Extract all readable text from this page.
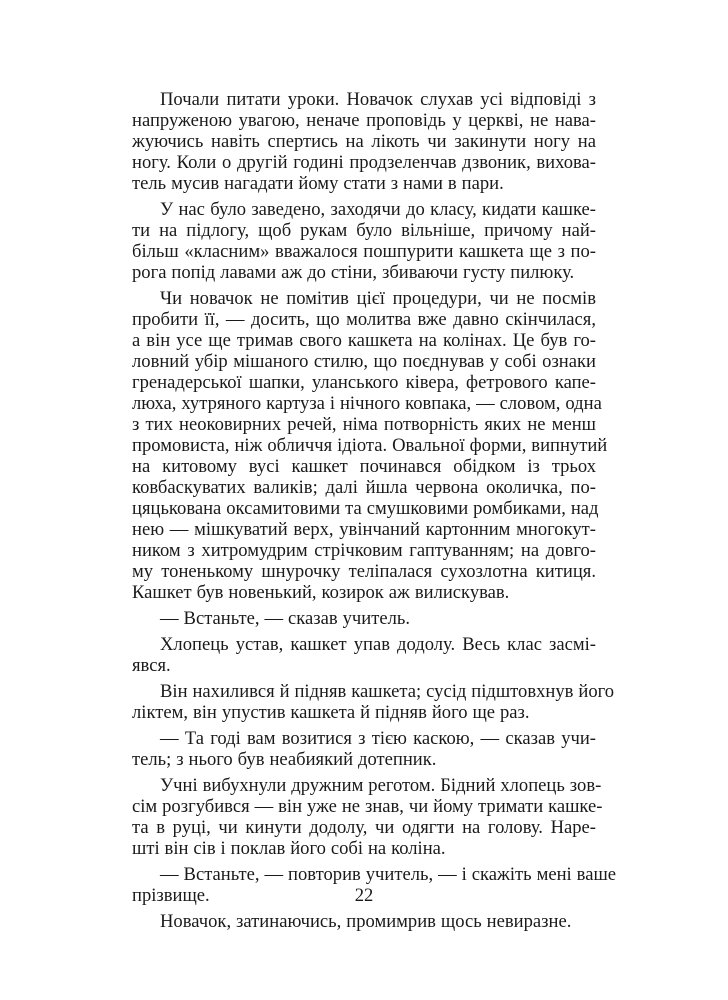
Почали питати уроки. Новачок слухав усі відповіді з
напруженою увагою, неначе проповідь у церкві, не нава-
жуючись навіть спертись на лікоть чи закинути ногу на
ногу. Коли о другій годині продзеленчав дзвоник, вихова-
тель мусив нагадати йому стати з нами в пари.

У нас було заведено, заходячи до класу, кидати кашке-
ти на підлогу, щоб рукам було вільніше, причому най-
більш «класним» вважалося пошпурити кашкета ще з по-
рога попід лавами аж до стіни, збиваючи густу пилюку.

Чи новачок не помітив цієї процедури, чи не посмів
пробити її, — досить, що молитва вже давно скінчилася,
а він усе ще тримав свого кашкета на колінах. Це був го-
ловний убір мішаного стилю, що поєднував у собі ознаки
гренадерської шапки, уланського ківера, фетрового капе-
люха, хутряного картуза і нічного ковпака, — словом, одна
з тих неоковирних речей, німа потворність яких не менш
промовиста, ніж обличчя ідіота. Овальної форми, випнутий
на китовому вусі кашкет починався обідком із трьох
ковбаскуватих валиків; далі йшла червона околичка, по-
цяцькована оксамитовими та смушковими ромбиками, над
нею — мішкуватий верх, увінчаний картонним многокут-
ником з хитромудрим стрічковим гаптуванням; на довго-
му тоненькому шнурочку теліпалася сухозлотна китиця.
Кашкет був новенький, козирок аж вилискував.

— Встаньте, — сказав учитель.

Хлопець устав, кашкет упав додолу. Весь клас засмі-
явся.

Він нахилився й підняв кашкета; сусід підштовхнув його
ліктем, він упустив кашкета й підняв його ще раз.

— Та годі вам возитися з тією каскою, — сказав учи-
тель; з нього був неабиякий дотепник.

Учні вибухнули дружним реготом. Бідний хлопець зов-
сім розгубився — він уже не знав, чи йому тримати кашке-
та в руці, чи кинути додолу, чи одягти на голову. Наре-
шті він сів і поклав його собі на коліна.

— Встаньте, — повторив учитель, — і скажіть мені ваше
прізвище.

Новачок, затинаючись, промимрив щось невиразне.

22
